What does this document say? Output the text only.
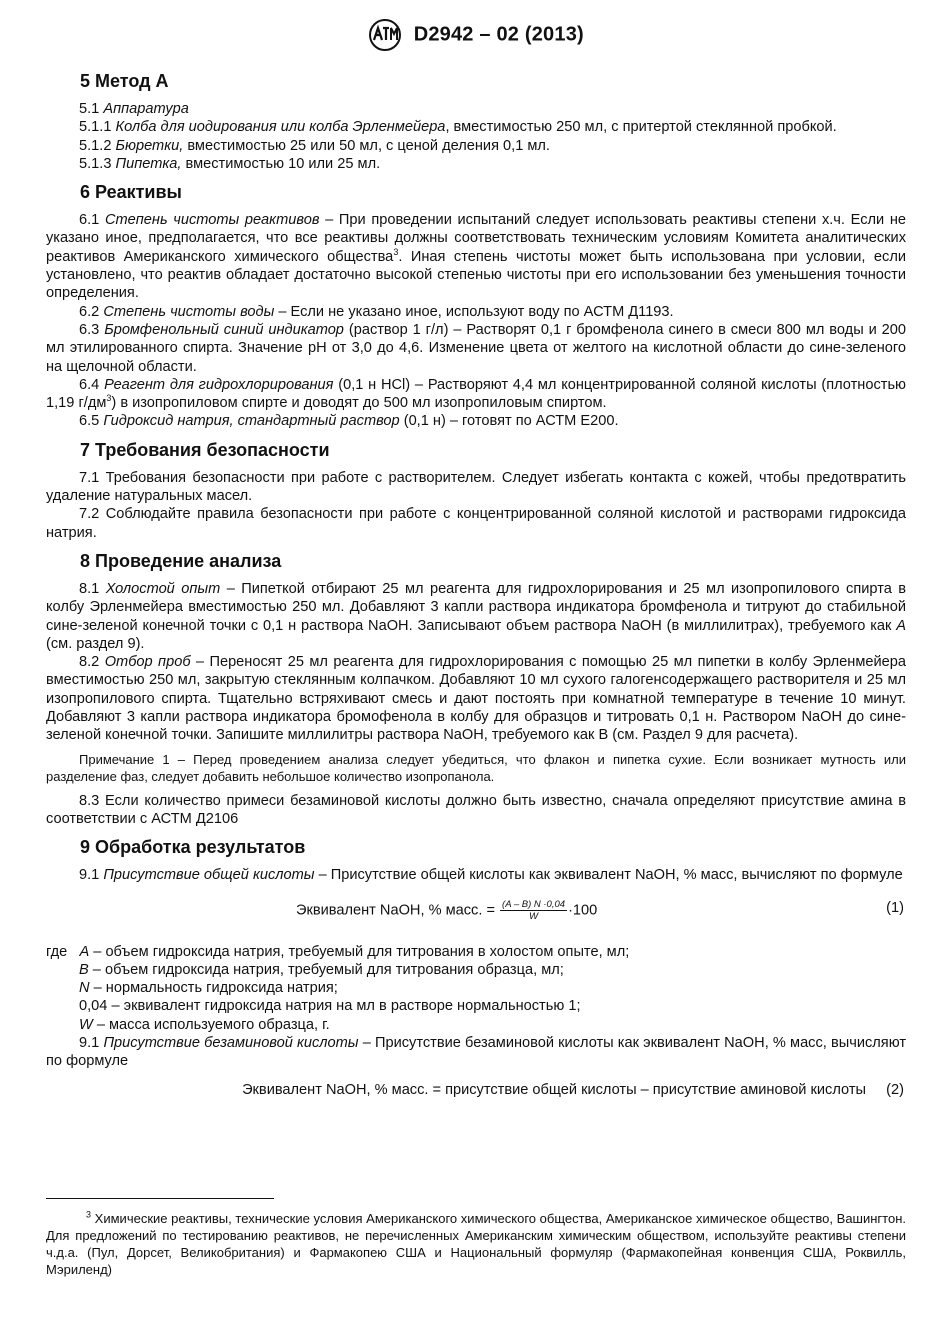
D2942 – 02 (2013)
5 Метод А

5.1 Аппаратура

5.1.1 Колба для иодирования или колба Эрленмейера, вместимостью 250 мл, с притертой стеклянной пробкой.

5.1.2 Бюретки, вместимостью 25 или 50 мл, с ценой деления 0,1 мл.

5.1.3 Пипетка, вместимостью 10 или 25 мл.

6 Реактивы

6.1 Степень чистоты реактивов – При проведении испытаний следует использовать реактивы степени х.ч. Если не указано иное, предполагается, что все реактивы должны соответствовать техническим условиям Комитета аналитических реактивов Американского химического общества$^3$. Иная степень чистоты может быть использована при условии, если установлено, что реактив обладает достаточно высокой степенью чистоты при его использовании без уменьшения точности определения.

6.2 Степень чистоты воды – Если не указано иное, используют воду по АСТМ Д1193.

6.3 Бромфенольный синий индикатор (раствор 1 г/л) – Растворят 0,1 г бромфенола синего в смеси 800 мл воды и 200 мл этилированного спирта. Значение рН от 3,0 до 4,6. Изменение цвета от желтого на кислотной области до сине-зеленого на щелочной области.

6.4 Реагент для гидрохлорирования (0,1 н HCl) – Растворяют 4,4 мл концентрированной соляной кислоты (плотностью 1,19 $г/дм^3$) в изопропиловом спирте и доводят до 500 мл изопропиловым спиртом.

6.5 Гидроксид натрия, стандартный раствор (0,1 н) – готовят по АСТМ Е200.

7 Требования безопасности

7.1 Требования безопасности при работе с растворителем. Следует избегать контакта с кожей, чтобы предотвратить удаление натуральных масел.

7.2 Соблюдайте правила безопасности при работе с концентрированной соляной кислотой и растворами гидроксида натрия.

8 Проведение анализа

8.1 Холостой опыт – Пипеткой отбирают 25 мл реагента для гидрохлорирования и 25 мл изопропилового спирта в колбу Эрленмейера вместимостью 250 мл. Добавляют 3 капли раствора индикатора бромфенола и титруют до стабильной сине-зеленой конечной точки с 0,1 н раствора NaOH. Записывают объем раствора NaOH (в миллилитрах), требуемого как А (см. раздел 9).

8.2 Отбор проб – Переносят 25 мл реагента для гидрохлорирования с помощью 25 мл пипетки в колбу Эрленмейера вместимостью 250 мл, закрытую стеклянным колпачком. Добавляют 10 мл сухого галогенсодержащего растворителя и 25 мл изопропилового спирта. Тщательно встряхивают смесь и дают постоять при комнатной температуре в течение 10 минут. Добавляют 3 капли раствора индикатора бромофенола в колбу для образцов и титровать 0,1 н. Раствором NaOH до сине-зеленой конечной точки. Запишите миллилитры раствора NaOH, требуемого как В (см. Раздел 9 для расчета).

Примечание 1 – Перед проведением анализа следует убедиться, что флакон и пипетка сухие. Если возникает мутность или разделение фаз, следует добавить небольшое количество изопропанола.

8.3 Если количество примеси безаминовой кислоты должно быть известно, сначала определяют присутствие амина в соответствии с АСТМ Д2106

9 Обработка результатов

9.1 Присутствие общей кислоты – Присутствие общей кислоты как эквивалент NaOH, % масс, вычисляют по формуле

Эквивалент NaOH, % масс. = $\frac{(A - B) N \cdot 0,04}{W} \cdot 100$	(1)

где A – объем гидроксида натрия, требуемый для титрования в холостом опыте, мл;

B – объем гидроксида натрия, требуемый для титрования образца, мл;

N – нормальность гидроксида натрия;

0,04 – эквивалент гидроксида натрия на мл в растворе нормальностью 1;

W – масса используемого образца, г.

9.1 Присутствие безаминовой кислоты – Присутствие безаминовой кислоты как эквивалент NaOH, % масс, вычисляют по формуле

Эквивалент NaOH, % масс. = присутствие общей кислоты – присутствие аминовой кислоты (2)

$^3$ Химические реактивы, технические условия Американского химического общества, Американское химическое общество, Вашингтон. Для предложений по тестированию реактивов, не перечисленных Американским химическим обществом, используйте реактивы степени ч.д.а. (Пул, Дорсет, Великобритания) и Фармакопею США и Национальный формуляр (Фармакопейная конвенция США, Роквилль, Мэриленд)
